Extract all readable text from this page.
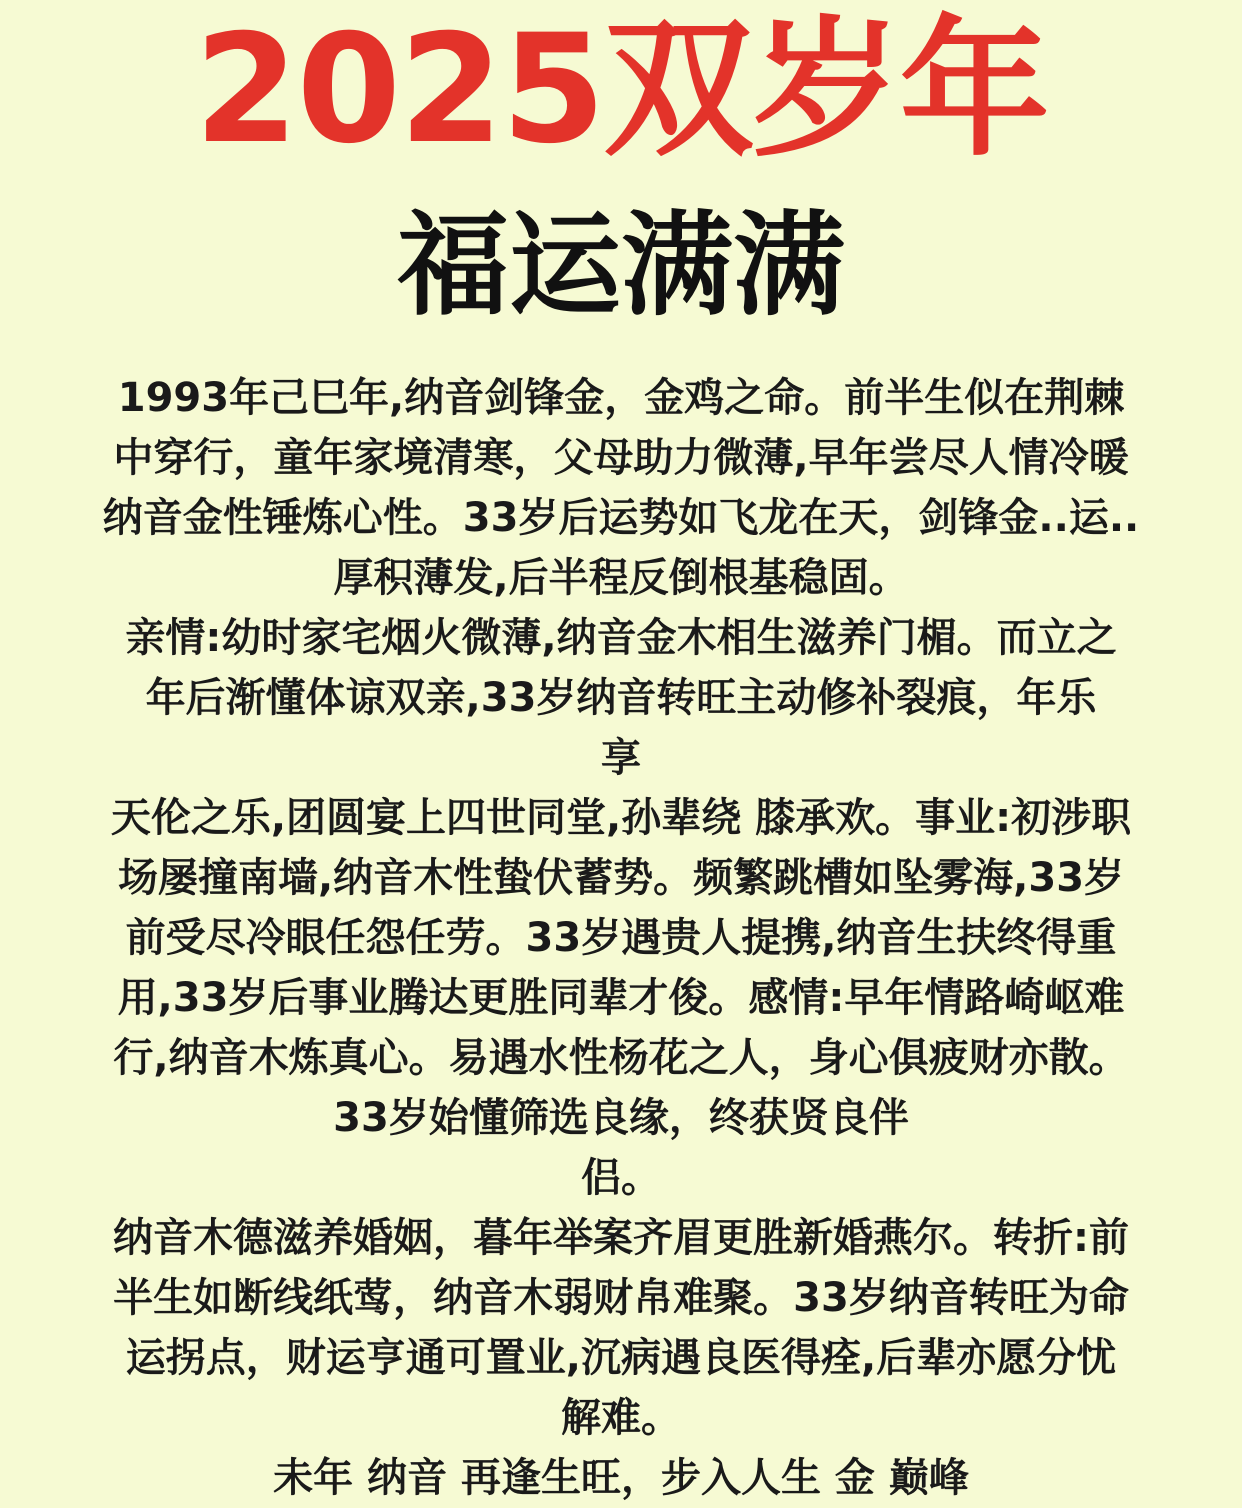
2025双岁年
福运满满
1993年己巳年,纳音剑锋金，金鸡之命。前半生似在荆棘
中穿行，童年家境清寒，父母助力微薄,早年尝尽人情冷暖
纳音金性锤炼心性。33岁后运势如飞龙在天，剑锋金..运..
厚积薄发,后半程反倒根基稳固。
亲情:幼时家宅烟火微薄,纳音金木相生滋养门楣。而立之
年后渐懂体谅双亲,33岁纳音转旺主动修补裂痕，年乐
享
天伦之乐,团圆宴上四世同堂,孙辈绕 膝承欢。事业:初涉职
场屡撞南墙,纳音木性蛰伏蓄势。频繁跳槽如坠雾海,33岁
前受尽冷眼任怨任劳。33岁遇贵人提携,纳音生扶终得重
用,33岁后事业腾达更胜同辈才俊。感情:早年情路崎岖难
行,纳音木炼真心。易遇水性杨花之人，身心俱疲财亦散。
33岁始懂筛选良缘，终获贤良伴
侣。
纳音木德滋养婚姻，暮年举案齐眉更胜新婚燕尔。转折:前
半生如断线纸莺，纳音木弱财帛难聚。33岁纳音转旺为命
运拐点，财运亨通可置业,沉病遇良医得痊,后辈亦愿分忧
解难。
未年 纳音 再逢生旺，步入人生 金 巅峰
